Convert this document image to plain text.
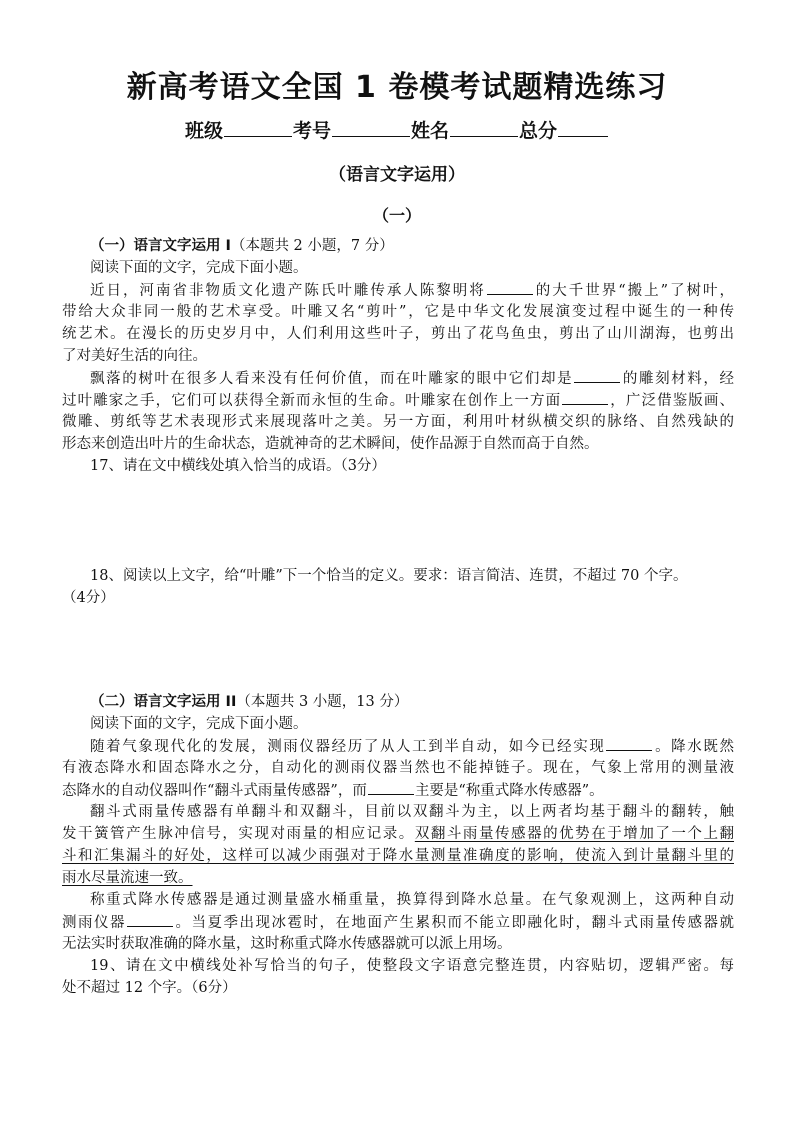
新高考语文全国 1 卷模考试题精选练习
班级	考号	姓名	总分
（语言文字运用）
（一）
（一）语言文字运用 I（本题共 2 小题，7 分）
阅读下面的文字，完成下面小题。
近日，河南省非物质文化遗产陈氏叶雕传承人陈黎明将	的大千世界“搬上”了树叶，
带给大众非同一般的艺术享受。叶雕又名“剪叶”，它是中华文化发展演变过程中诞生的一种传
统艺术。在漫长的历史岁月中，人们利用这些叶子，剪出了花鸟鱼虫，剪出了山川湖海，也剪出
了对美好生活的向往。
飘落的树叶在很多人看来没有任何价值，而在叶雕家的眼中它们却是	的雕刻材料，经
过叶雕家之手，它们可以获得全新而永恒的生命。叶雕家在创作上一方面	，广泛借鉴版画、
微雕、剪纸等艺术表现形式来展现落叶之美。另一方面，利用叶材纵横交织的脉络、自然残缺的
形态来创造出叶片的生命状态，造就神奇的艺术瞬间，使作品源于自然而高于自然。
17、请在文中横线处填入恰当的成语。（3分）
18、阅读以上文字，给“叶雕”下一个恰当的定义。要求：语言简洁、连贯，不超过 70 个字。
（4分）
（二）语言文字运用 II（本题共 3 小题，13 分）
阅读下面的文字，完成下面小题。
随着气象现代化的发展，测雨仪器经历了从人工到半自动，如今已经实现	。降水既然
有液态降水和固态降水之分，自动化的测雨仪器当然也不能掉链子。现在，气象上常用的测量液
态降水的自动仪器叫作“翻斗式雨量传感器”，而	主要是“称重式降水传感器”。
翻斗式雨量传感器有单翻斗和双翻斗，目前以双翻斗为主，以上两者均基于翻斗的翻转，触
发干簧管产生脉冲信号，实现对雨量的相应记录。双翻斗雨量传感器的优势在于增加了一个上翻
斗和汇集漏斗的好处，这样可以减少雨强对于降水量测量准确度的影响，使流入到计量翻斗里的
雨水尽量流速一致。
称重式降水传感器是通过测量盛水桶重量，换算得到降水总量。在气象观测上，这两种自动
测雨仪器	。当夏季出现冰雹时，在地面产生累积而不能立即融化时，翻斗式雨量传感器就
无法实时获取准确的降水量，这时称重式降水传感器就可以派上用场。
19、请在文中横线处补写恰当的句子，使整段文字语意完整连贯，内容贴切，逻辑严密。每
处不超过 12 个字。（6分）
